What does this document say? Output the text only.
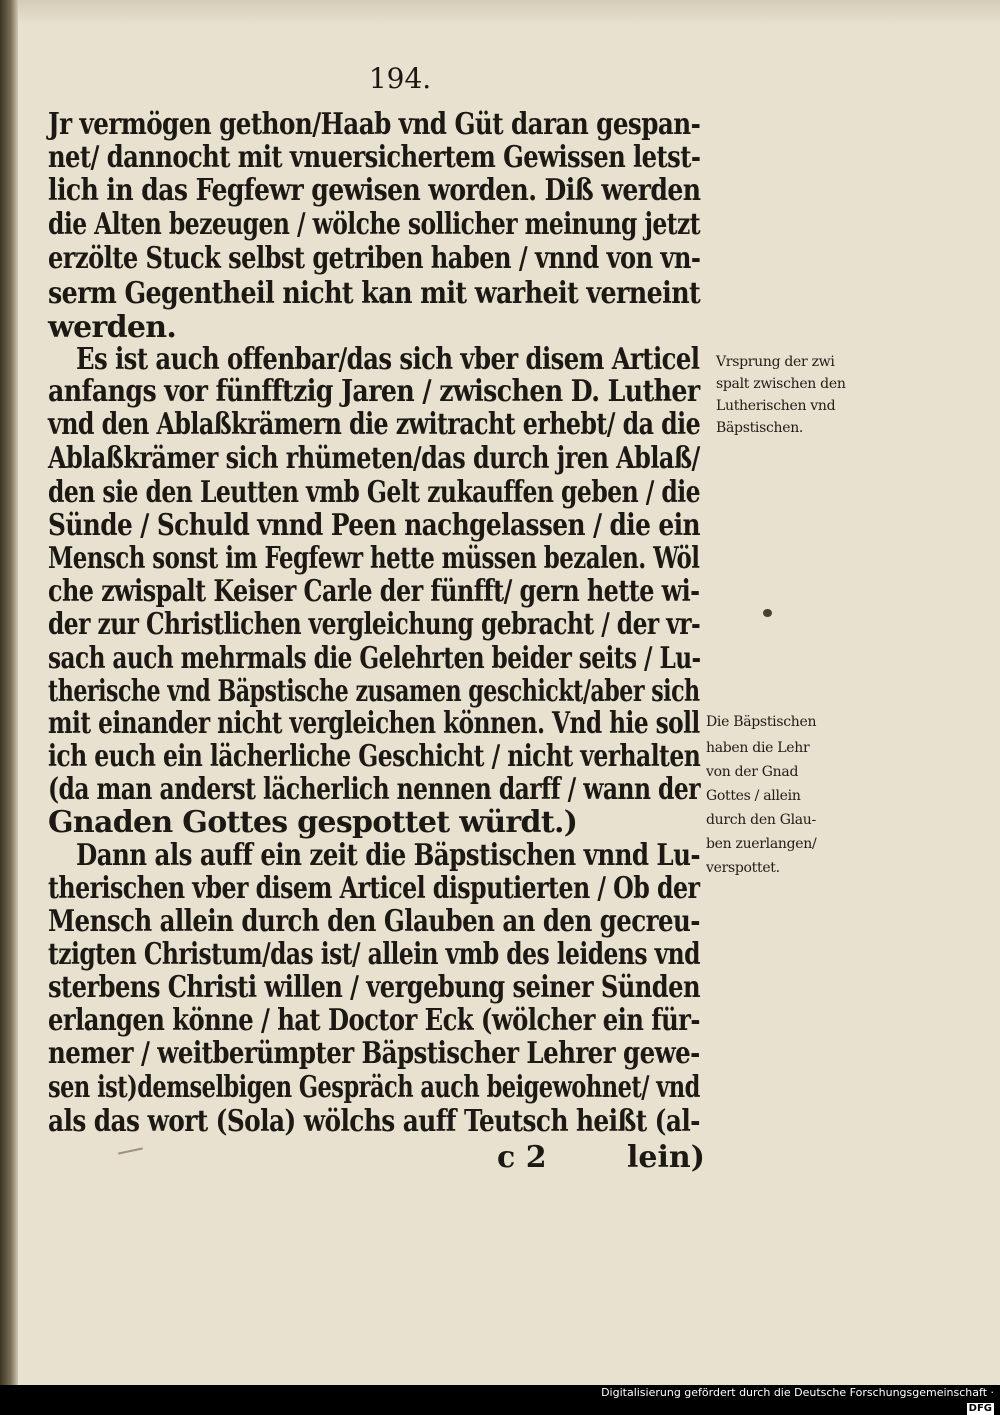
194.
Jr vermögen gethon/Haab vnd Güt daran gespan-
net/ dannocht mit vnuersichertem Gewissen letst-
lich in das Fegfewr gewisen worden. Diß werden
die Alten bezeugen / wölche sollicher meinung jetzt
erzölte Stuck selbst getriben haben / vnnd von vn-
serm Gegentheil nicht kan mit warheit verneint
werden.
Es ist auch offenbar/das sich vber disem Articel
anfangs vor fünfftzig Jaren / zwischen D. Luther
vnd den Ablaßkrämern die zwitracht erhebt/ da die
Ablaßkrämer sich rhümeten/das durch jren Ablaß/
den sie den Leutten vmb Gelt zukauffen geben / die
Sünde / Schuld vnnd Peen nachgelassen / die ein
Mensch sonst im Fegfewr hette müssen bezalen. Wöl
che zwispalt Keiser Carle der fünfft/ gern hette wi-
der zur Christlichen vergleichung gebracht / der vr-
sach auch mehrmals die Gelehrten beider seits / Lu-
therische vnd Bäpstische zusamen geschickt/aber sich
mit einander nicht vergleichen können. Vnd hie soll
ich euch ein lächerliche Geschicht / nicht verhalten
(da man anderst lächerlich nennen darff / wann der
Gnaden Gottes gespottet würdt.)
Dann als auff ein zeit die Bäpstischen vnnd Lu-
therischen vber disem Articel disputierten / Ob der
Mensch allein durch den Glauben an den gecreu-
tzigten Christum/das ist/ allein vmb des leidens vnd
sterbens Christi willen / vergebung seiner Sünden
erlangen könne / hat Doctor Eck (wölcher ein für-
nemer / weitberümpter Bäpstischer Lehrer gewe-
sen ist)demselbigen Gespräch auch beigewohnet/ vnd
als das wort (Sola) wölchs auff Teutsch heißt (al-
c 2	lein)
Vrsprung der zwi
spalt zwischen den
Lutherischen vnd
Bäpstischen.
Die Bäpstischen
haben die Lehr
von der Gnad
Gottes / allein
durch den Glau-
ben zuerlangen/
verspottet.
Digitalisierung gefördert durch die Deutsche Forschungsgemeinschaft ·DFG
